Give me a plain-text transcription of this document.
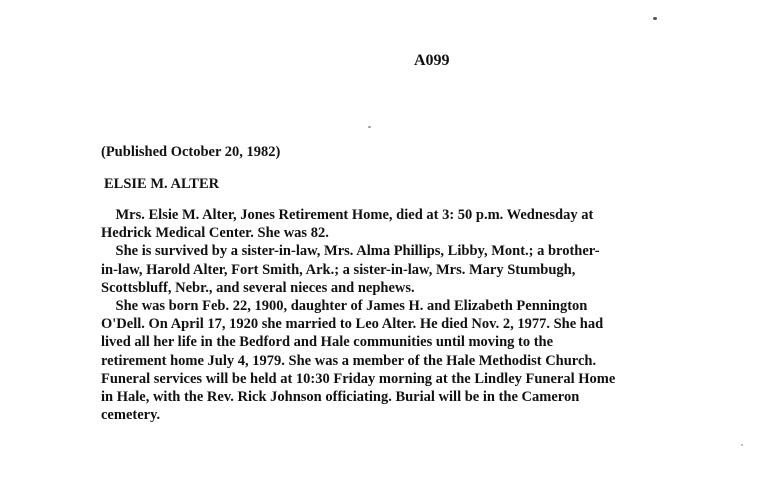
A099
(Published October 20, 1982)
ELSIE M. ALTER
Mrs. Elsie M. Alter, Jones Retirement Home, died at 3: 50 p.m. Wednesday at
Hedrick Medical Center. She was 82.
She is survived by a sister-in-law, Mrs. Alma Phillips, Libby, Mont.; a brother-
in-law, Harold Alter, Fort Smith, Ark.; a sister-in-law, Mrs. Mary Stumbugh,
Scottsbluff, Nebr., and several nieces and nephews.
She was born Feb. 22, 1900, daughter of James H. and Elizabeth Pennington
O'Dell. On April 17, 1920 she married to Leo Alter. He died Nov. 2, 1977. She had
lived all her life in the Bedford and Hale communities until moving to the
retirement home July 4, 1979. She was a member of the Hale Methodist Church.
Funeral services will be held at 10:30 Friday morning at the Lindley Funeral Home
in Hale, with the Rev. Rick Johnson officiating. Burial will be in the Cameron
cemetery.
